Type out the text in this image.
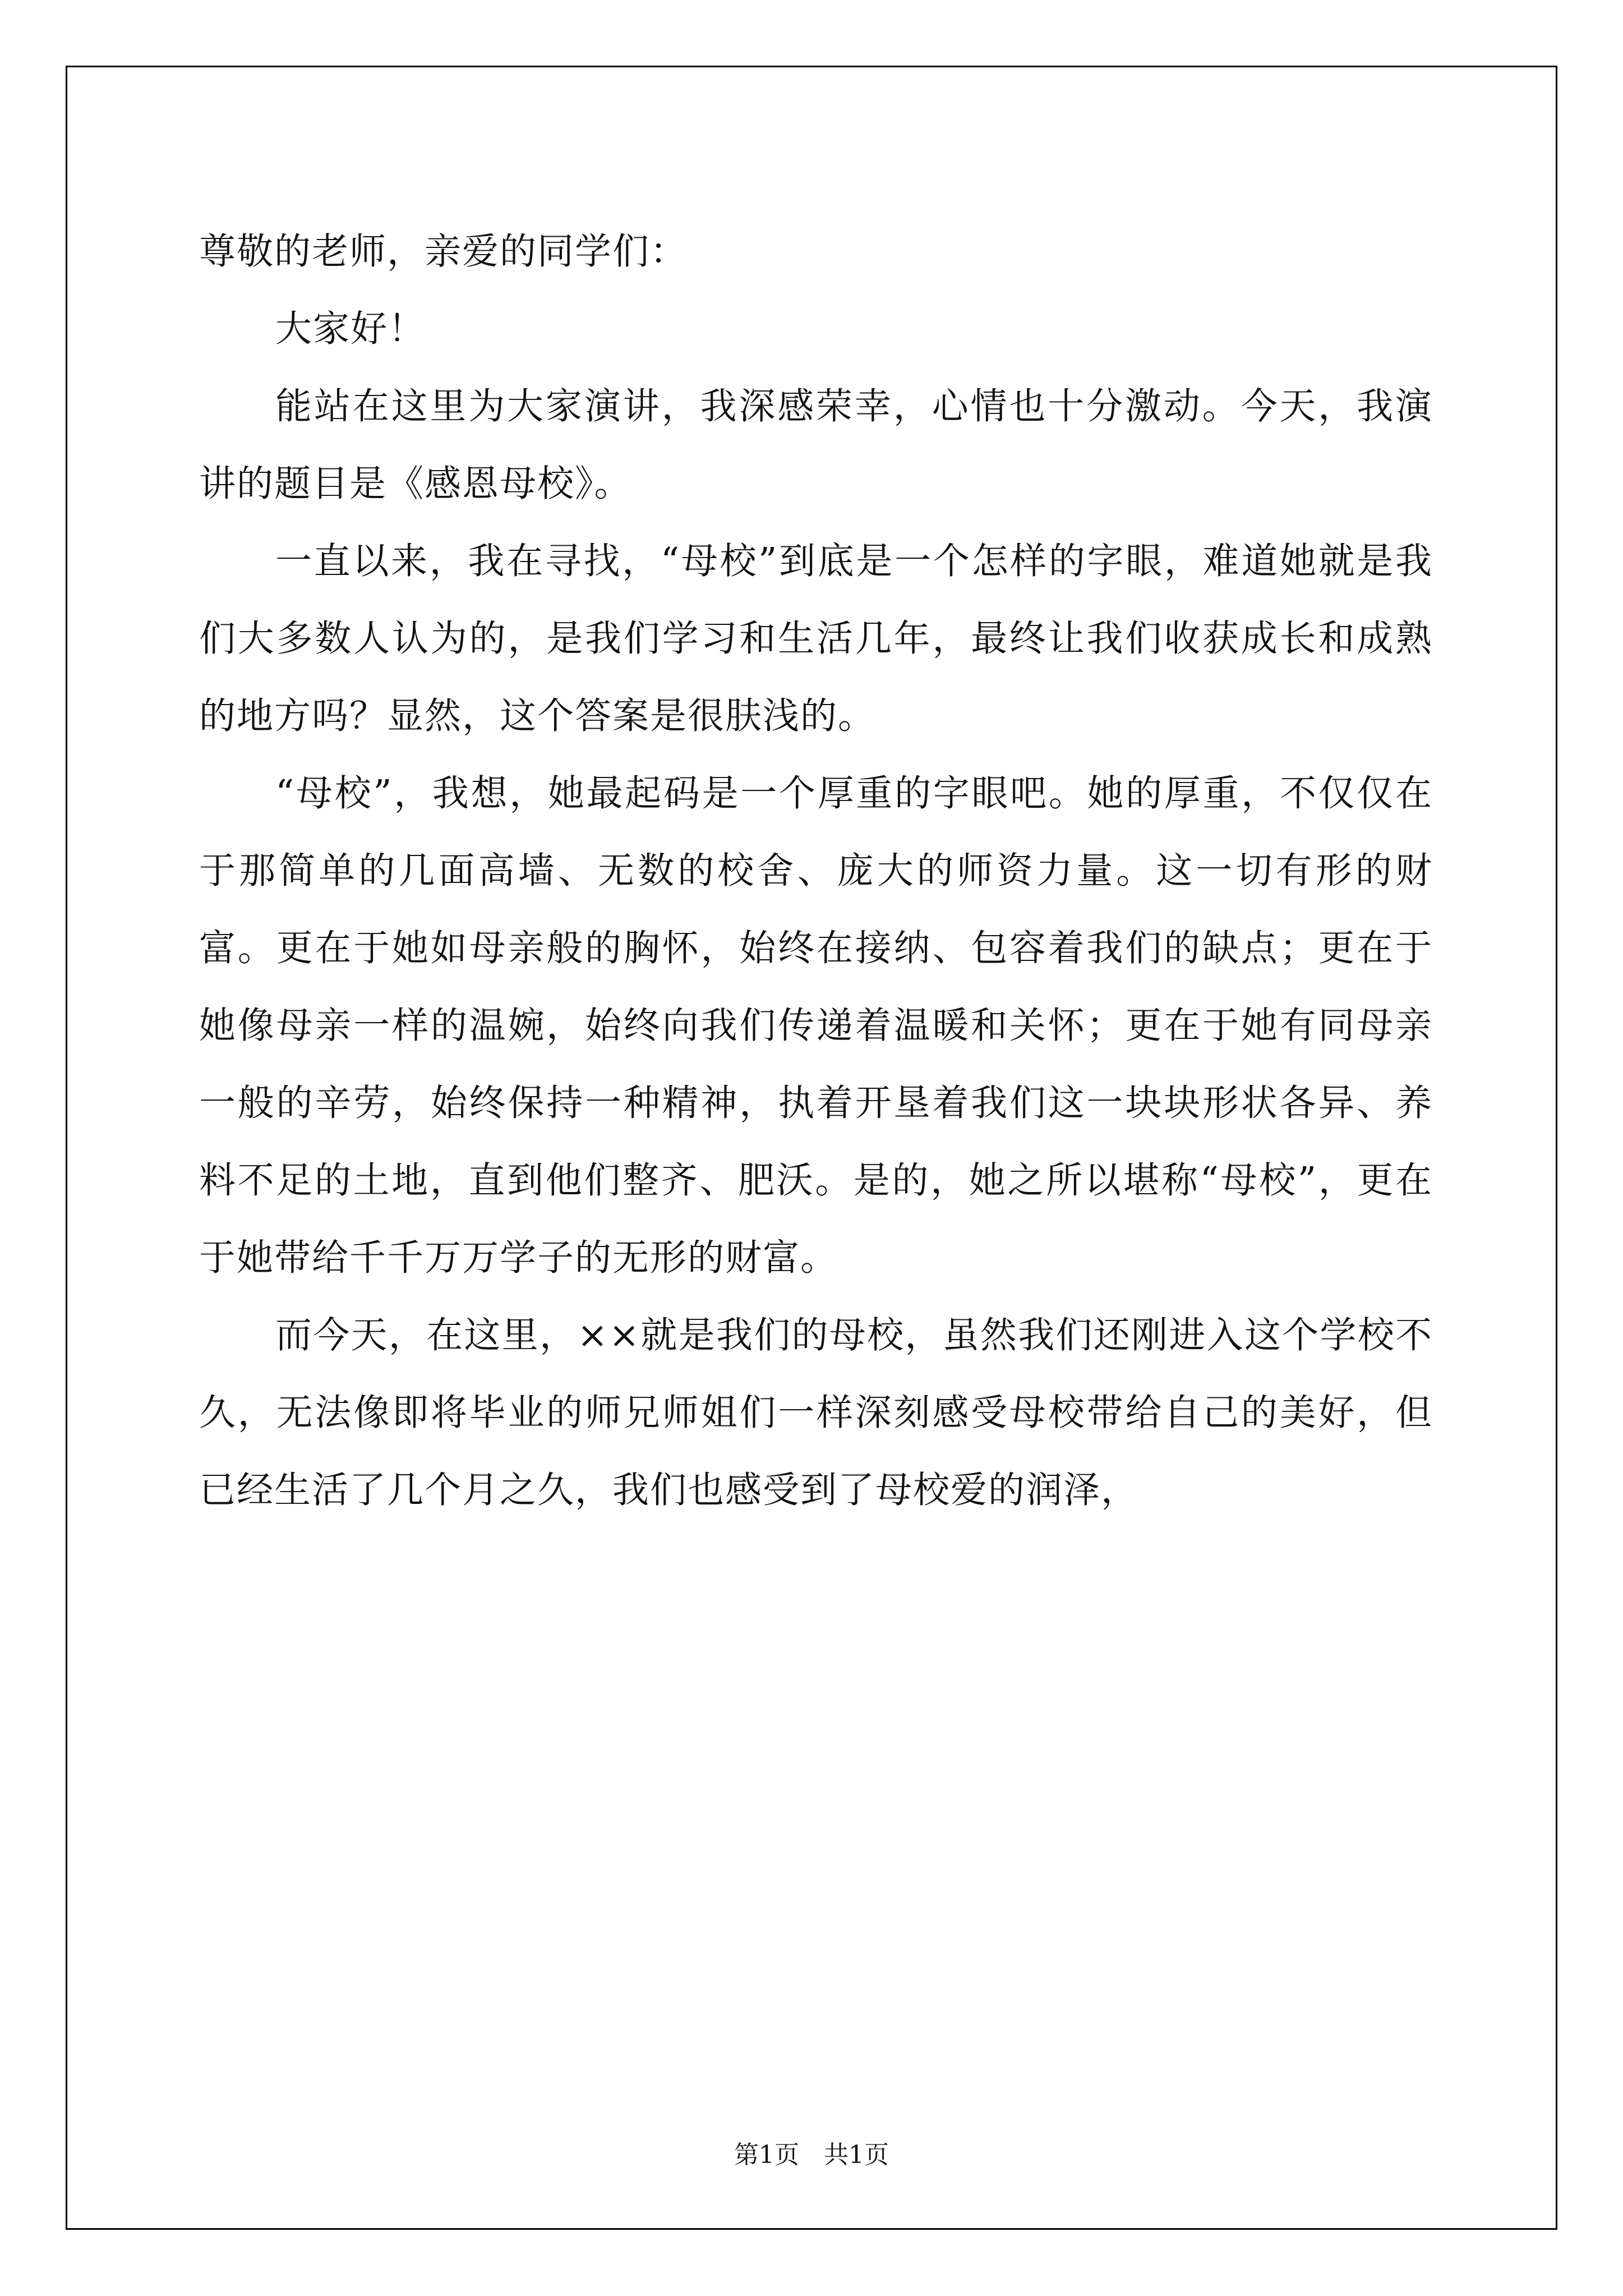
尊敬的老师，亲爱的同学们：

大家好！

能站在这里为大家演讲，我深感荣幸，心情也十分激动。今天，我演讲的题目是《感恩母校》。

一直以来，我在寻找，“母校”到底是一个怎样的字眼，难道她就是我们大多数人认为的，是我们学习和生活几年，最终让我们收获成长和成熟的地方吗？显然，这个答案是很肤浅的。

“母校”，我想，她最起码是一个厚重的字眼吧。她的厚重，不仅仅在于那简单的几面高墙、无数的校舍、庞大的师资力量。这一切有形的财富。更在于她如母亲般的胸怀，始终在接纳、包容着我们的缺点；更在于她像母亲一样的温婉，始终向我们传递着温暖和关怀；更在于她有同母亲一般的辛劳，始终保持一种精神，执着开垦着我们这一块块形状各异、养料不足的土地，直到他们整齐、肥沃。是的，她之所以堪称“母校”，更在于她带给千千万万学子的无形的财富。

而今天，在这里，××就是我们的母校，虽然我们还刚进入这个学校不久，无法像即将毕业的师兄师姐们一样深刻感受母校带给自己的美好，但已经生活了几个月之久，我们也感受到了母校爱的润泽，

第1页　共1页
